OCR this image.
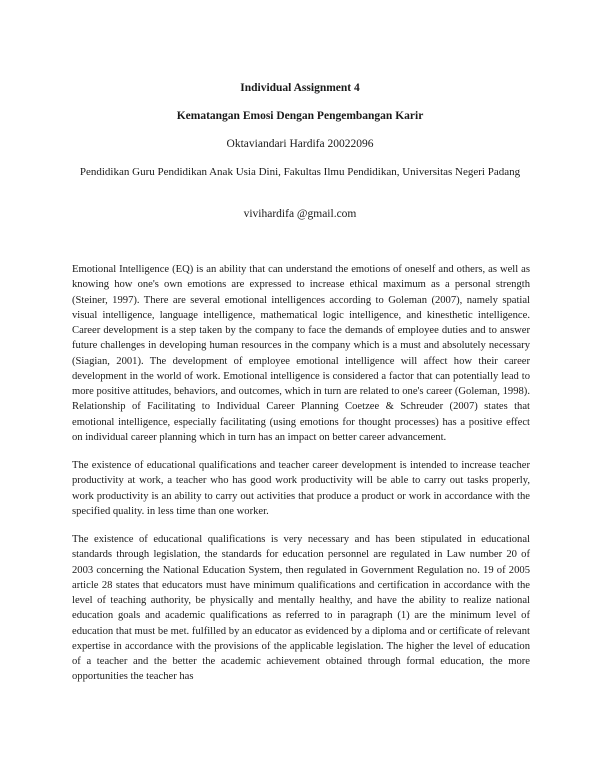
Individual Assignment 4
Kematangan Emosi Dengan Pengembangan Karir
Oktaviandari Hardifa 20022096
Pendidikan Guru Pendidikan Anak Usia Dini, Fakultas Ilmu Pendidikan, Universitas Negeri Padang
vivihardifa @gmail.com

Emotional Intelligence (EQ) is an ability that can understand the emotions of oneself and others, as well as knowing how one's own emotions are expressed to increase ethical maximum as a personal strength (Steiner, 1997). There are several emotional intelligences according to Goleman (2007), namely spatial visual intelligence, language intelligence, mathematical logic intelligence, and kinesthetic intelligence. Career development is a step taken by the company to face the demands of employee duties and to answer future challenges in developing human resources in the company which is a must and absolutely necessary (Siagian, 2001). The development of employee emotional intelligence will affect how their career development in the world of work. Emotional intelligence is considered a factor that can potentially lead to more positive attitudes, behaviors, and outcomes, which in turn are related to one's career (Goleman, 1998). Relationship of Facilitating to Individual Career Planning Coetzee & Schreuder (2007) states that emotional intelligence, especially facilitating (using emotions for thought processes) has a positive effect on individual career planning which in turn has an impact on better career advancement.

The existence of educational qualifications and teacher career development is intended to increase teacher productivity at work, a teacher who has good work productivity will be able to carry out tasks properly, work productivity is an ability to carry out activities that produce a product or work in accordance with the specified quality. in less time than one worker.

The existence of educational qualifications is very necessary and has been stipulated in educational standards through legislation, the standards for education personnel are regulated in Law number 20 of 2003 concerning the National Education System, then regulated in Government Regulation no. 19 of 2005 article 28 states that educators must have minimum qualifications and certification in accordance with the level of teaching authority, be physically and mentally healthy, and have the ability to realize national education goals and academic qualifications as referred to in paragraph (1) are the minimum level of education that must be met. fulfilled by an educator as evidenced by a diploma and or certificate of relevant expertise in accordance with the provisions of the applicable legislation. The higher the level of education of a teacher and the better the academic achievement obtained through formal education, the more opportunities the teacher has
